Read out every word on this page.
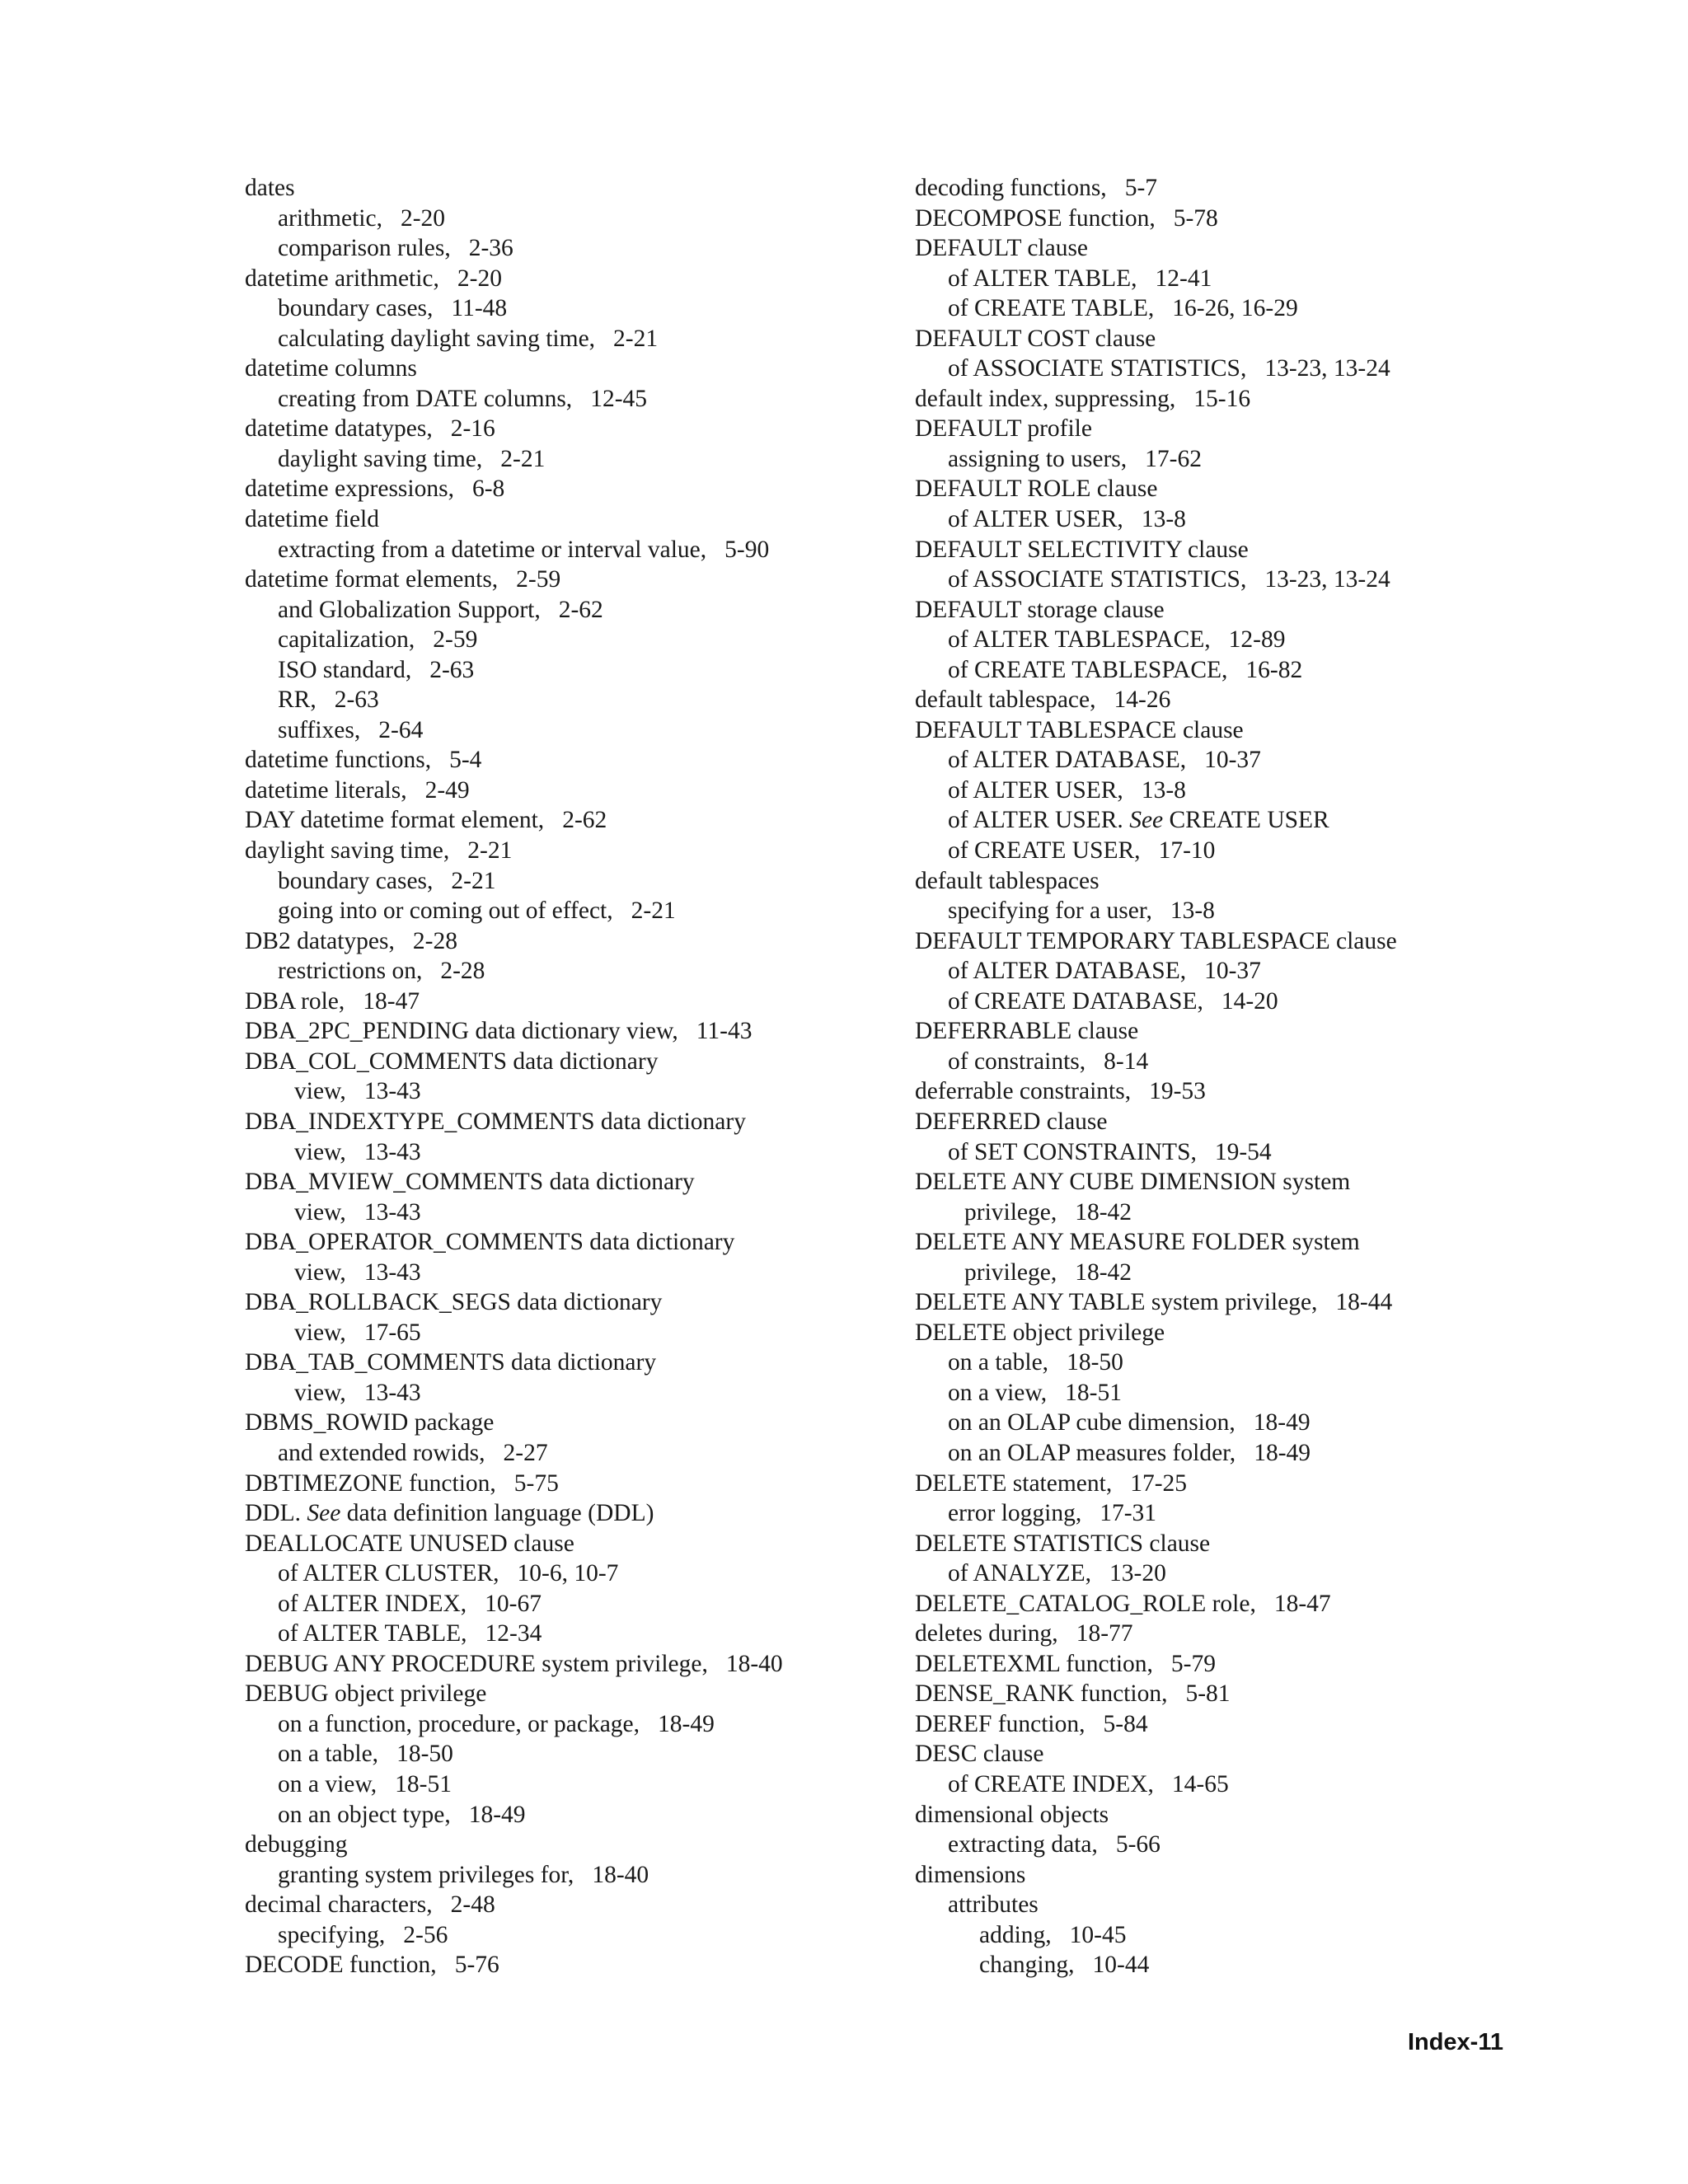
dates
arithmetic, 2-20
comparison rules, 2-36
datetime arithmetic, 2-20
boundary cases, 11-48
calculating daylight saving time, 2-21
datetime columns
creating from DATE columns, 12-45
datetime datatypes, 2-16
daylight saving time, 2-21
datetime expressions, 6-8
datetime field
extracting from a datetime or interval value, 5-90
datetime format elements, 2-59
and Globalization Support, 2-62
capitalization, 2-59
ISO standard, 2-63
RR, 2-63
suffixes, 2-64
datetime functions, 5-4
datetime literals, 2-49
DAY datetime format element, 2-62
daylight saving time, 2-21
boundary cases, 2-21
going into or coming out of effect, 2-21
DB2 datatypes, 2-28
restrictions on, 2-28
DBA role, 18-47
DBA_2PC_PENDING data dictionary view, 11-43
DBA_COL_COMMENTS data dictionary
view, 13-43
DBA_INDEXTYPE_COMMENTS data dictionary
view, 13-43
DBA_MVIEW_COMMENTS data dictionary
view, 13-43
DBA_OPERATOR_COMMENTS data dictionary
view, 13-43
DBA_ROLLBACK_SEGS data dictionary
view, 17-65
DBA_TAB_COMMENTS data dictionary
view, 13-43
DBMS_ROWID package
and extended rowids, 2-27
DBTIMEZONE function, 5-75
DDL. See data definition language (DDL)
DEALLOCATE UNUSED clause
of ALTER CLUSTER, 10-6, 10-7
of ALTER INDEX, 10-67
of ALTER TABLE, 12-34
DEBUG ANY PROCEDURE system privilege, 18-40
DEBUG object privilege
on a function, procedure, or package, 18-49
on a table, 18-50
on a view, 18-51
on an object type, 18-49
debugging
granting system privileges for, 18-40
decimal characters, 2-48
specifying, 2-56
DECODE function, 5-76
decoding functions, 5-7
DECOMPOSE function, 5-78
DEFAULT clause
of ALTER TABLE, 12-41
of CREATE TABLE, 16-26, 16-29
DEFAULT COST clause
of ASSOCIATE STATISTICS, 13-23, 13-24
default index, suppressing, 15-16
DEFAULT profile
assigning to users, 17-62
DEFAULT ROLE clause
of ALTER USER, 13-8
DEFAULT SELECTIVITY clause
of ASSOCIATE STATISTICS, 13-23, 13-24
DEFAULT storage clause
of ALTER TABLESPACE, 12-89
of CREATE TABLESPACE, 16-82
default tablespace, 14-26
DEFAULT TABLESPACE clause
of ALTER DATABASE, 10-37
of ALTER USER, 13-8
of ALTER USER. See CREATE USER
of CREATE USER, 17-10
default tablespaces
specifying for a user, 13-8
DEFAULT TEMPORARY TABLESPACE clause
of ALTER DATABASE, 10-37
of CREATE DATABASE, 14-20
DEFERRABLE clause
of constraints, 8-14
deferrable constraints, 19-53
DEFERRED clause
of SET CONSTRAINTS, 19-54
DELETE ANY CUBE DIMENSION system
privilege, 18-42
DELETE ANY MEASURE FOLDER system
privilege, 18-42
DELETE ANY TABLE system privilege, 18-44
DELETE object privilege
on a table, 18-50
on a view, 18-51
on an OLAP cube dimension, 18-49
on an OLAP measures folder, 18-49
DELETE statement, 17-25
error logging, 17-31
DELETE STATISTICS clause
of ANALYZE, 13-20
DELETE_CATALOG_ROLE role, 18-47
deletes during, 18-77
DELETEXML function, 5-79
DENSE_RANK function, 5-81
DEREF function, 5-84
DESC clause
of CREATE INDEX, 14-65
dimensional objects
extracting data, 5-66
dimensions
attributes
adding, 10-45
changing, 10-44
Index-11
